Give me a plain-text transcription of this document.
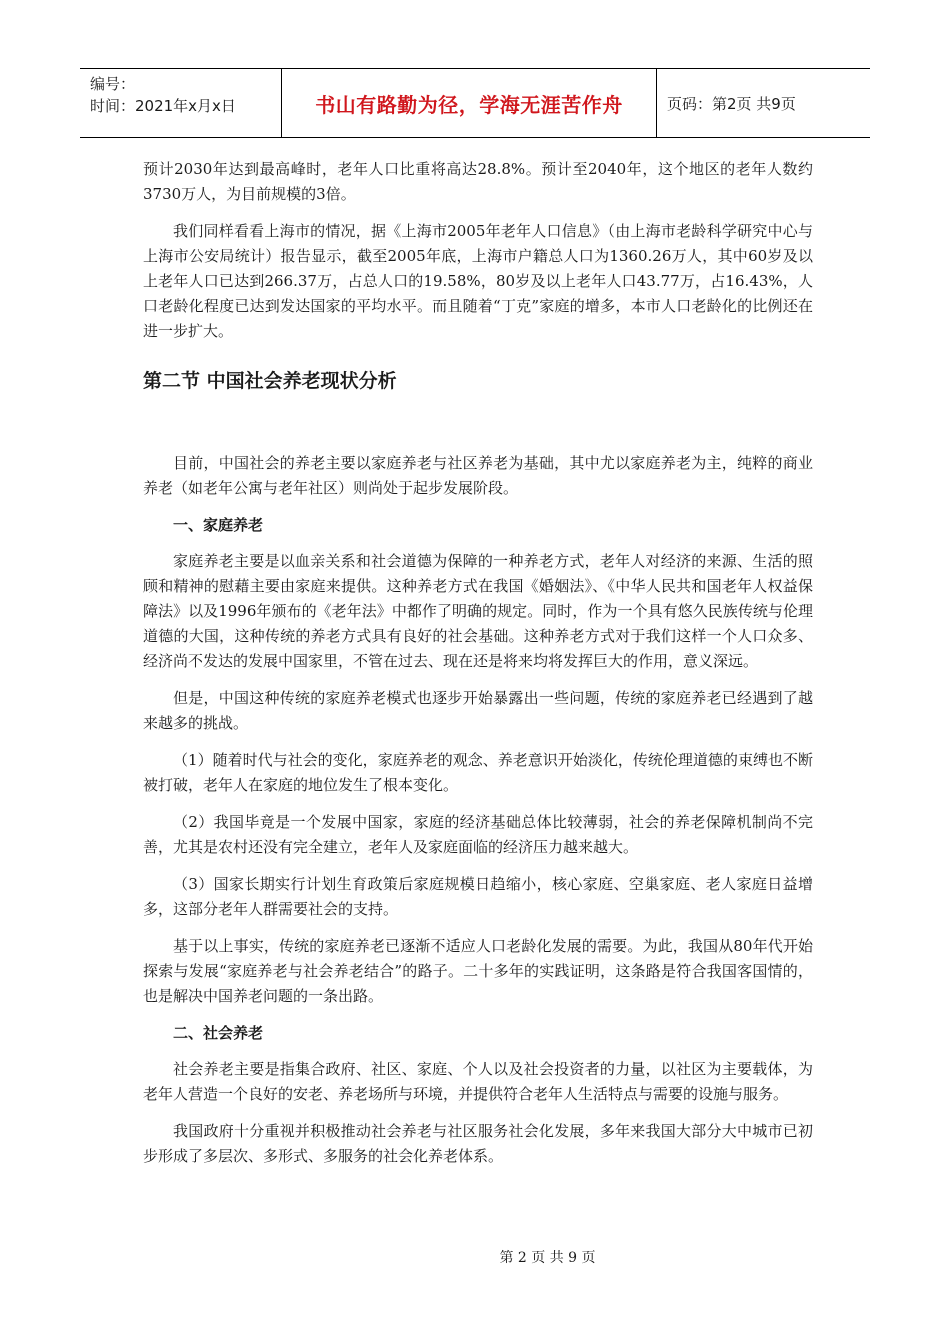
编号：
时间：2021年x月x日	书山有路勤为径，学海无涯苦作舟	页码：第2页 共9页

预计2030年达到最高峰时，老年人口比重将高达28.8%。预计至2040年，这个地区的老年人数约3730万人，为目前规模的3倍。

我们同样看看上海市的情况，据《上海市2005年老年人口信息》（由上海市老龄科学研究中心与上海市公安局统计）报告显示，截至2005年底，上海市户籍总人口为1360.26万人，其中60岁及以上老年人口已达到266.37万，占总人口的19.58%，80岁及以上老年人口43.77万，占16.43%，人口老龄化程度已达到发达国家的平均水平。而且随着“丁克”家庭的增多，本市人口老龄化的比例还在进一步扩大。

第二节 中国社会养老现状分析

目前，中国社会的养老主要以家庭养老与社区养老为基础，其中尤以家庭养老为主，纯粹的商业养老（如老年公寓与老年社区）则尚处于起步发展阶段。

一、家庭养老

家庭养老主要是以血亲关系和社会道德为保障的一种养老方式，老年人对经济的来源、生活的照顾和精神的慰藉主要由家庭来提供。这种养老方式在我国《婚姻法》、《中华人民共和国老年人权益保障法》以及1996年颁布的《老年法》中都作了明确的规定。同时，作为一个具有悠久民族传统与伦理道德的大国，这种传统的养老方式具有良好的社会基础。这种养老方式对于我们这样一个人口众多、经济尚不发达的发展中国家里，不管在过去、现在还是将来均将发挥巨大的作用，意义深远。

但是，中国这种传统的家庭养老模式也逐步开始暴露出一些问题，传统的家庭养老已经遇到了越来越多的挑战。

（1）随着时代与社会的变化，家庭养老的观念、养老意识开始淡化，传统伦理道德的束缚也不断被打破，老年人在家庭的地位发生了根本变化。

（2）我国毕竟是一个发展中国家，家庭的经济基础总体比较薄弱，社会的养老保障机制尚不完善，尤其是农村还没有完全建立，老年人及家庭面临的经济压力越来越大。

（3）国家长期实行计划生育政策后家庭规模日趋缩小，核心家庭、空巢家庭、老人家庭日益增多，这部分老年人群需要社会的支持。

基于以上事实，传统的家庭养老已逐渐不适应人口老龄化发展的需要。为此，我国从80年代开始探索与发展“家庭养老与社会养老结合”的路子。二十多年的实践证明，这条路是符合我国客国情的，也是解决中国养老问题的一条出路。

二、社会养老

社会养老主要是指集合政府、社区、家庭、个人以及社会投资者的力量，以社区为主要载体，为老年人营造一个良好的安老、养老场所与环境，并提供符合老年人生活特点与需要的设施与服务。

我国政府十分重视并积极推动社会养老与社区服务社会化发展，多年来我国大部分大中城市已初步形成了多层次、多形式、多服务的社会化养老体系。

第 2 页 共 9 页
